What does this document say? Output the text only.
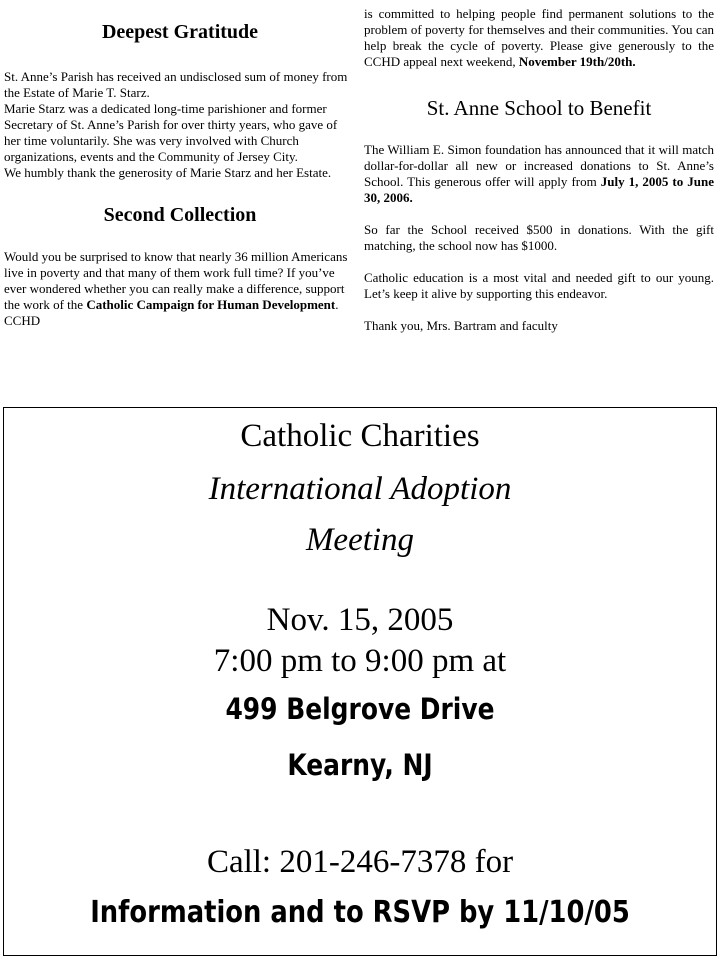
Deepest Gratitude

St. Anne’s Parish has received an undisclosed sum of money from the Estate of Marie T. Starz.

Marie Starz was a dedicated long-time parishioner and former Secretary of St. Anne’s Parish for over thirty years, who gave of her time voluntarily. She was very involved with Church organizations, events and the Community of Jersey City.

We humbly thank the generosity of Marie Starz and her Estate.

Second Collection

Would you be surprised to know that nearly 36 million Americans live in poverty and that many of them work full time? If you’ve ever wondered whether you can really make a difference, support the work of the Catholic Campaign for Human Development. CCHD

is committed to helping people find permanent solutions to the problem of poverty for themselves and their communities. You can help break the cycle of poverty. Please give generously to the CCHD appeal next weekend, November 19th/20th.

St. Anne School to Benefit

The William E. Simon foundation has announced that it will match dollar-for-dollar all new or increased donations to St. Anne’s School. This generous offer will apply from July 1, 2005 to June 30, 2006.

So far the School received $500 in donations. With the gift matching, the school now has $1000.

Catholic education is a most vital and needed gift to our young. Let’s keep it alive by supporting this endeavor.

Thank you, Mrs. Bartram and faculty

Catholic Charities
International Adoption
Meeting
Nov. 15, 2005
7:00 pm to 9:00 pm at
499 Belgrove Drive
Kearny, NJ
Call: 201-246-7378 for
Information and to RSVP by 11/10/05
